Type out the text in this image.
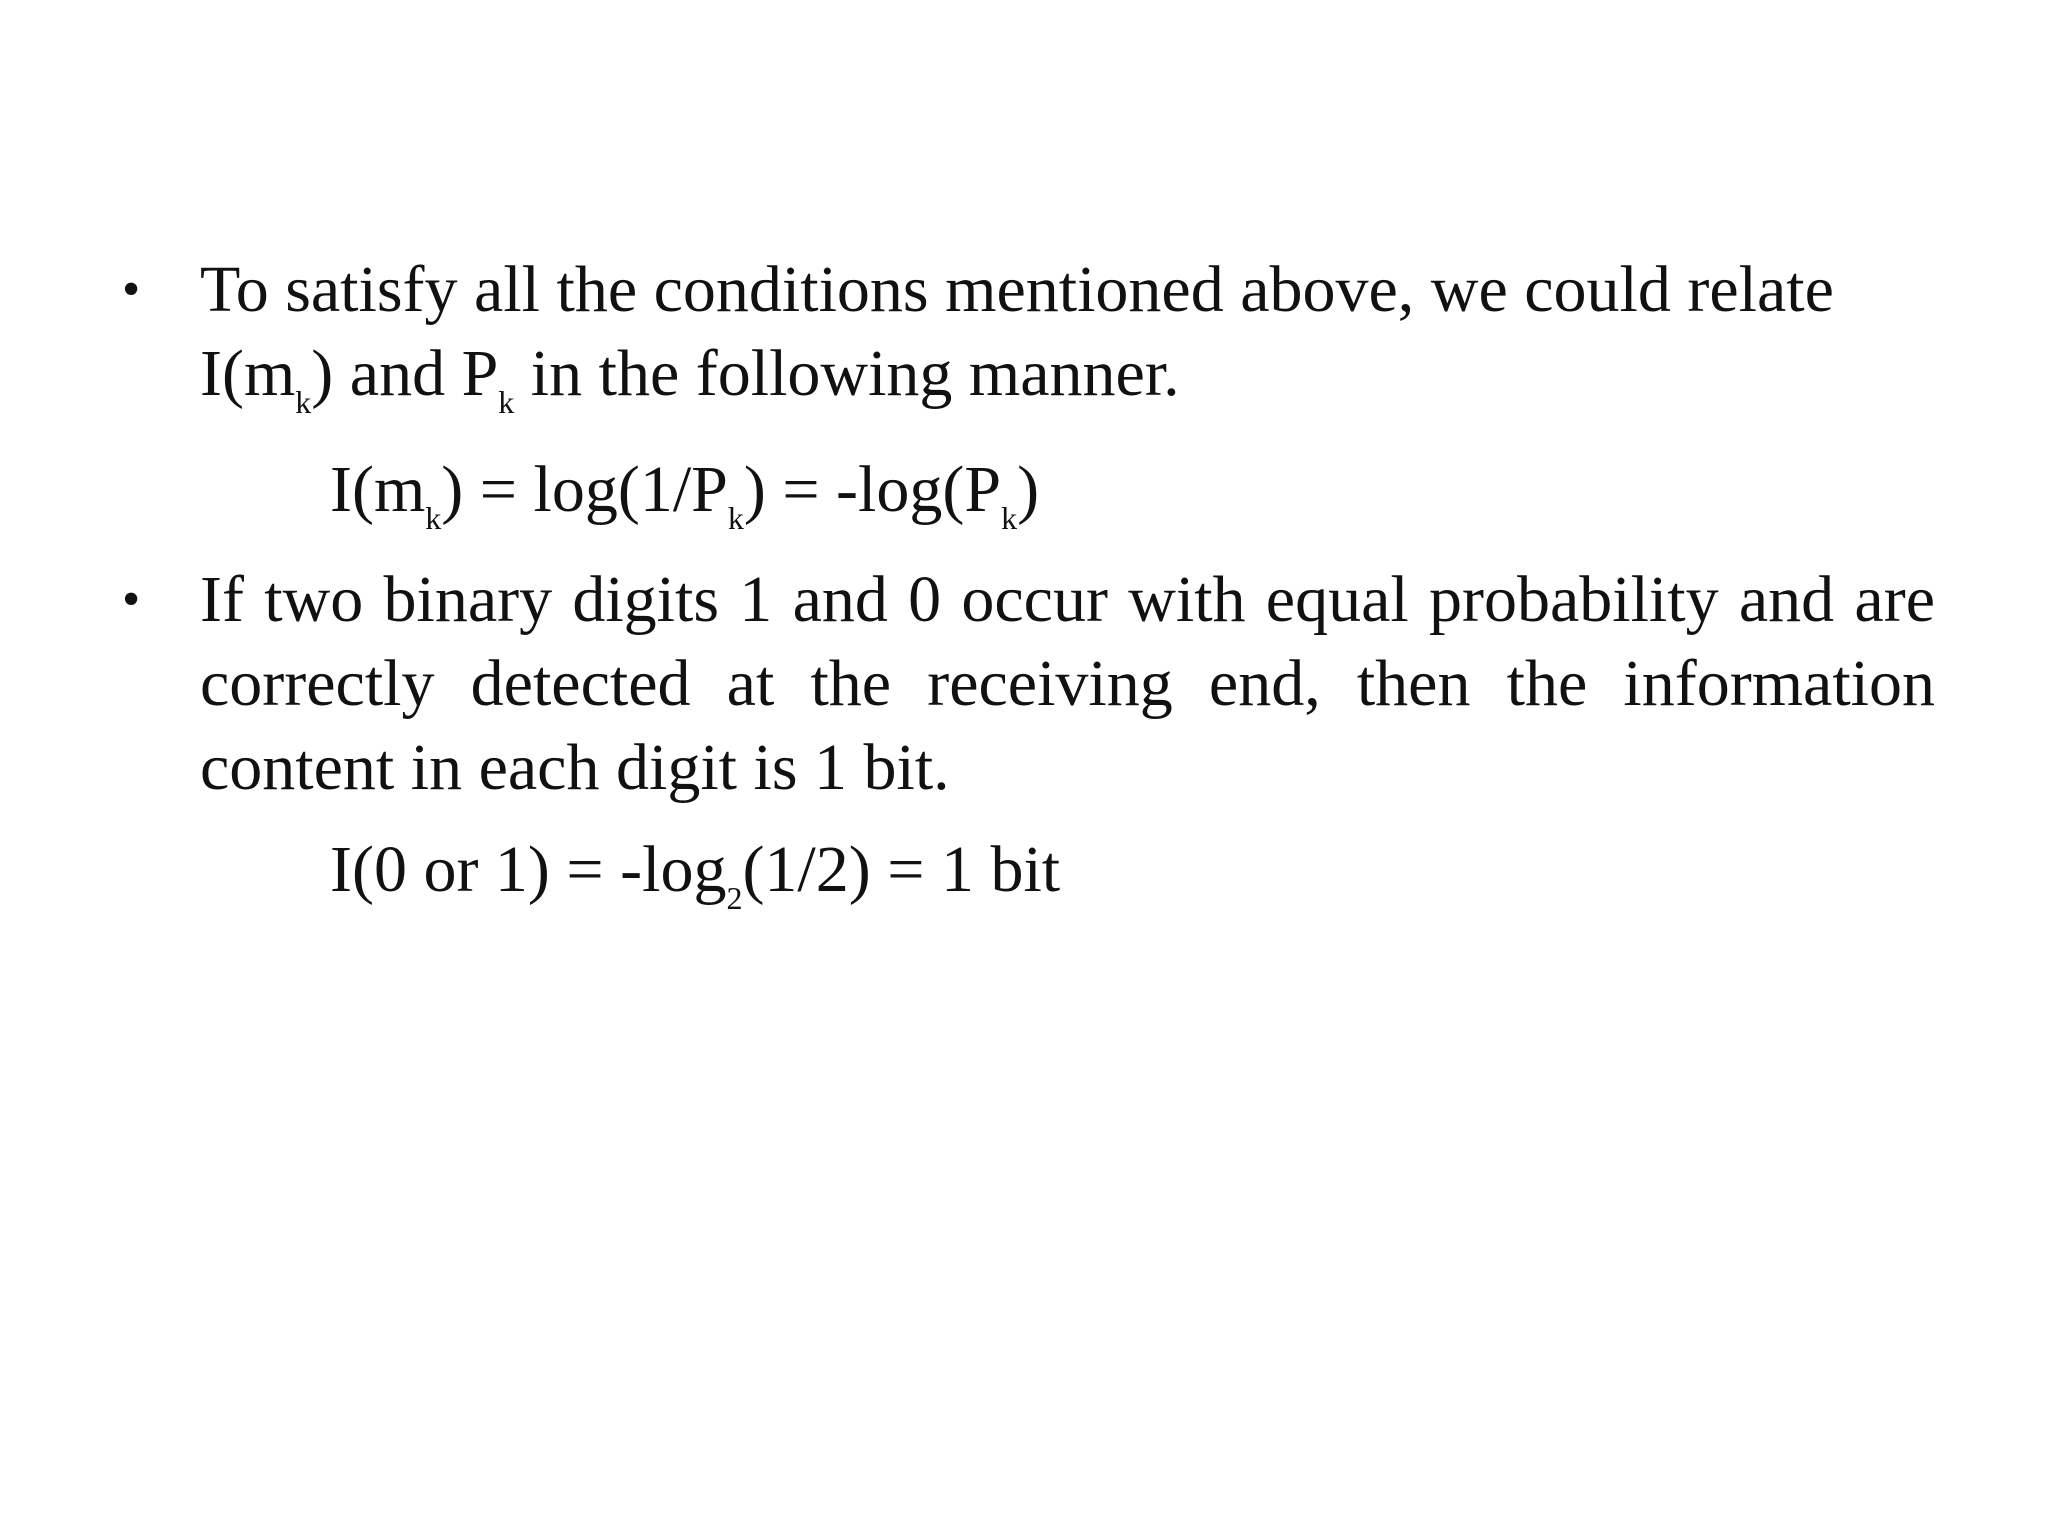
• To satisfy all the conditions mentioned above, we could relate
$I(m_k)$ and $P_k$ in the following manner.
$I(m_k) = \log(1/P_k) = -\log(P_k)$
• If two binary digits 1 and 0 occur with equal probability and are correctly detected at the receiving end, then the information content in each digit is 1 bit.
I(0 or $1) = -\log_2(1/2) = 1$ bit
